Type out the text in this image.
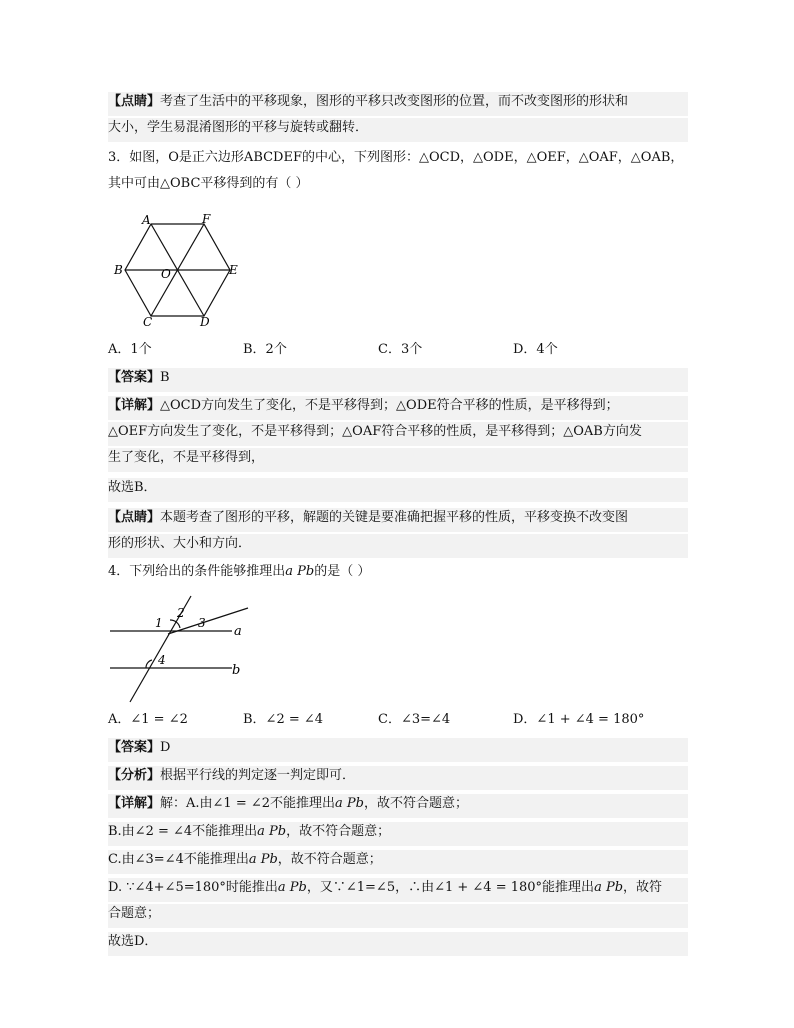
【点睛】考查了生活中的平移现象，图形的平移只改变图形的位置，而不改变图形的形状和
大小，学生易混淆图形的平移与旋转或翻转．
3．如图，O是正六边形ABCDEF的中心，下列图形：△OCD，△ODE，△OEF，△OAF，△OAB，
其中可由△OBC平移得到的有（ ）
A	F
B	O	E
C	D
A．1个	B．2个	C．3个	D．4个
【答案】B
【详解】△OCD方向发生了变化，不是平移得到；△ODE符合平移的性质，是平移得到；
△OEF方向发生了变化，不是平移得到；△OAF符合平移的性质，是平移得到；△OAB方向发
生了变化，不是平移得到，
故选B．
【点睛】本题考查了图形的平移，解题的关键是要准确把握平移的性质，平移变换不改变图
形的形状、大小和方向．
4．下列给出的条件能够推理出a Pb的是（ ）
1
2
3
4
a
b
A．∠1 = ∠2	B．∠2 = ∠4	C．∠3=∠4	D．∠1 + ∠4 = 180°
【答案】D
【分析】根据平行线的判定逐一判定即可．
【详解】解：A.由∠1 = ∠2不能推理出a Pb，故不符合题意；
B.由∠2 = ∠4不能推理出a Pb，故不符合题意；
C.由∠3=∠4不能推理出a Pb，故不符合题意；
D. ∵∠4+∠5=180°时能推出a Pb，又∵∠1=∠5，∴由∠1 + ∠4 = 180°能推理出a Pb，故符
合题意；
故选D．
